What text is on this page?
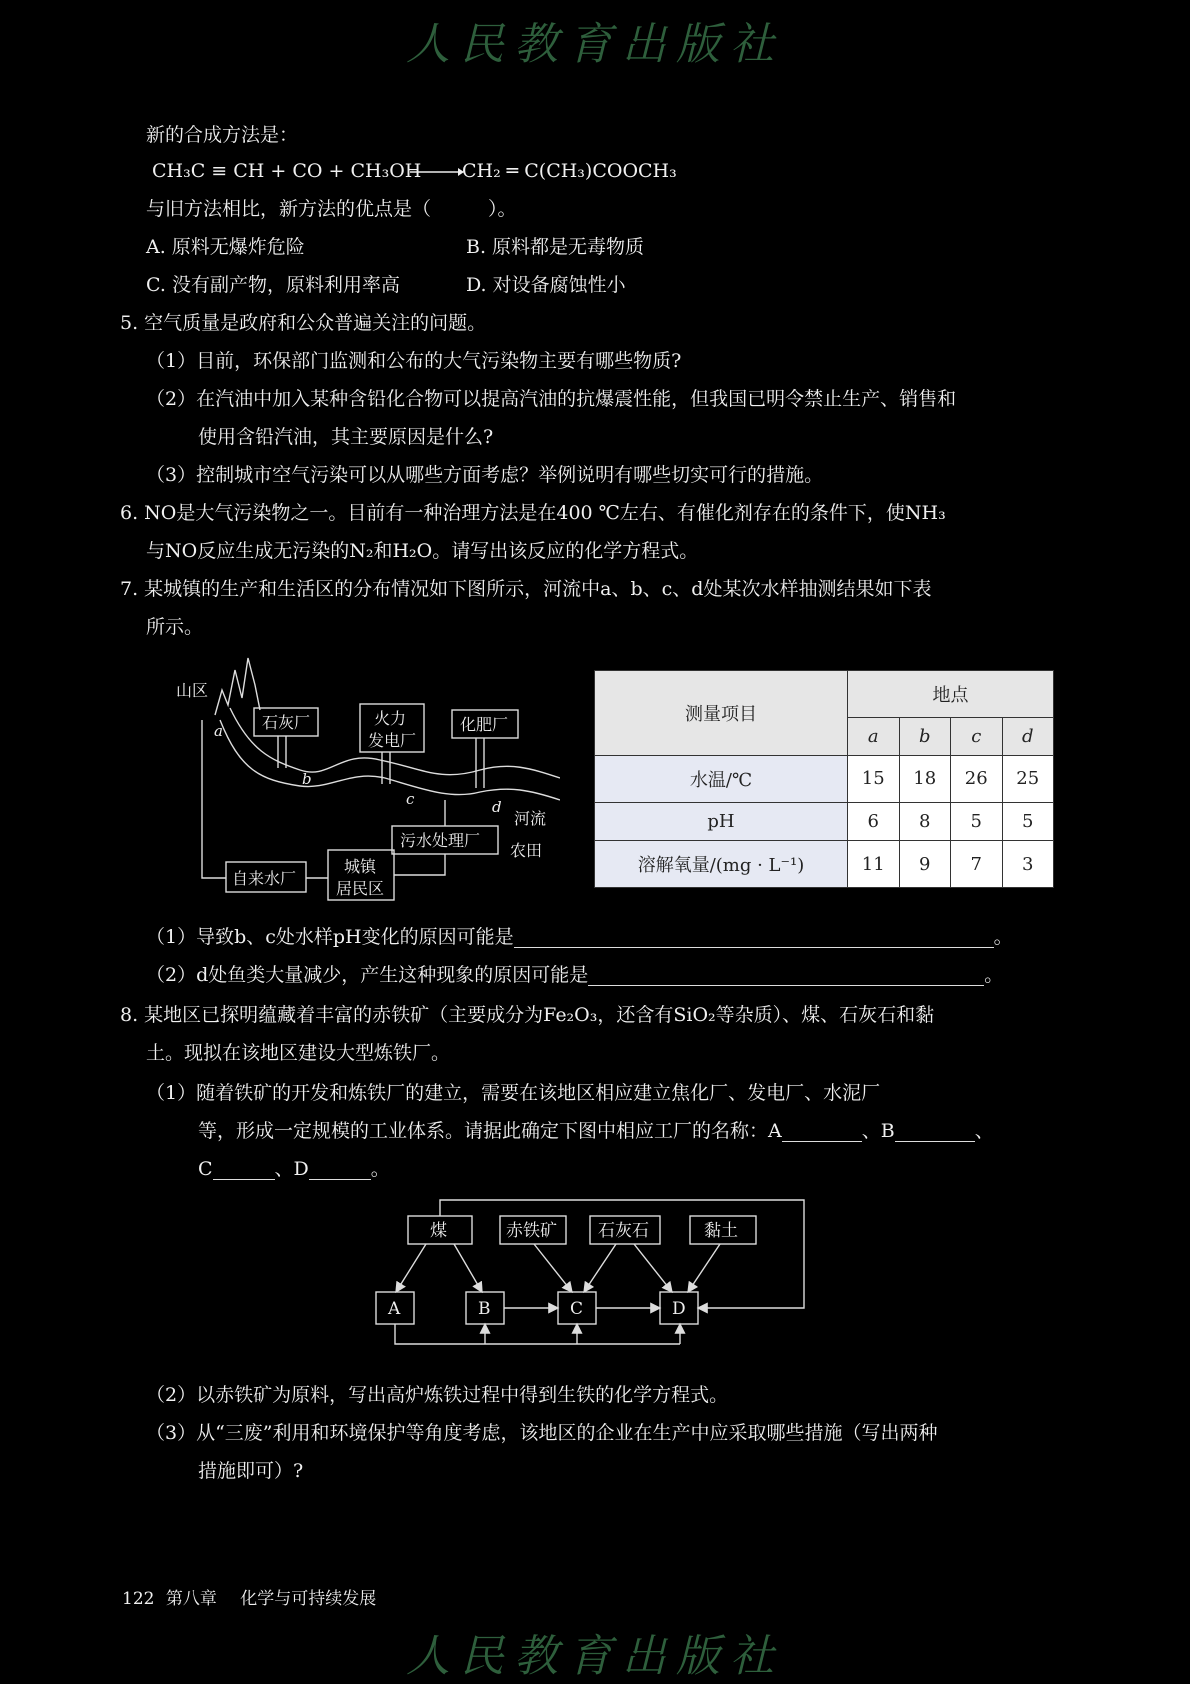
人民教育出版社
新的合成方法是：
CH₃C ≡ CH + CO + CH₃OH CH₂ ═ C(CH₃)COOCH₃
与旧方法相比，新方法的优点是（　　　）。
A. 原料无爆炸危险	B. 原料都是无毒物质
C. 没有副产物，原料利用率高	D. 对设备腐蚀性小
5. 空气质量是政府和公众普遍关注的问题。
（1）目前，环保部门监测和公布的大气污染物主要有哪些物质?
（2）在汽油中加入某种含铅化合物可以提高汽油的抗爆震性能，但我国已明令禁止生产、销售和
使用含铅汽油，其主要原因是什么?
（3）控制城市空气污染可以从哪些方面考虑？举例说明有哪些切实可行的措施。
6. NO是大气污染物之一。目前有一种治理方法是在400 ℃左右、有催化剂存在的条件下，使NH₃
与NO反应生成无污染的N₂和H₂O。请写出该反应的化学方程式。
7. 某城镇的生产和生活区的分布情况如下图所示，河流中a、b、c、d处某次水样抽测结果如下表
所示。
山区
石灰厂	火力
发电厂
化肥厂
河流
农田
污水处理厂
自来水厂
城镇
居民区
a
b
c	d
测量项目	地点			
	a	b	c	d
水温/℃	15	18	26	25
pH	6	8	5	5
溶解氧量/(mg · L⁻¹)	11	9	7	3
（1）导致b、c处水样pH变化的原因可能是	。
（2）d处鱼类大量减少，产生这种现象的原因可能是	。
8. 某地区已探明蕴藏着丰富的赤铁矿（主要成分为Fe₂O₃，还含有SiO₂等杂质）、煤、石灰石和黏
土。现拟在该地区建设大型炼铁厂。
（1）随着铁矿的开发和炼铁厂的建立，需要在该地区相应建立焦化厂、发电厂、水泥厂
等，形成一定规模的工业体系。请据此确定下图中相应工厂的名称：A	、B	、
C	、D	。
煤	赤铁矿 石灰石	黏土
A	B	C	D
（2）以赤铁矿为原料，写出高炉炼铁过程中得到生铁的化学方程式。
（3）从“三废”利用和环境保护等角度考虑，该地区的企业在生产中应采取哪些措施（写出两种
措施即可）?
122 第八章 化学与可持续发展
人民教育出版社
